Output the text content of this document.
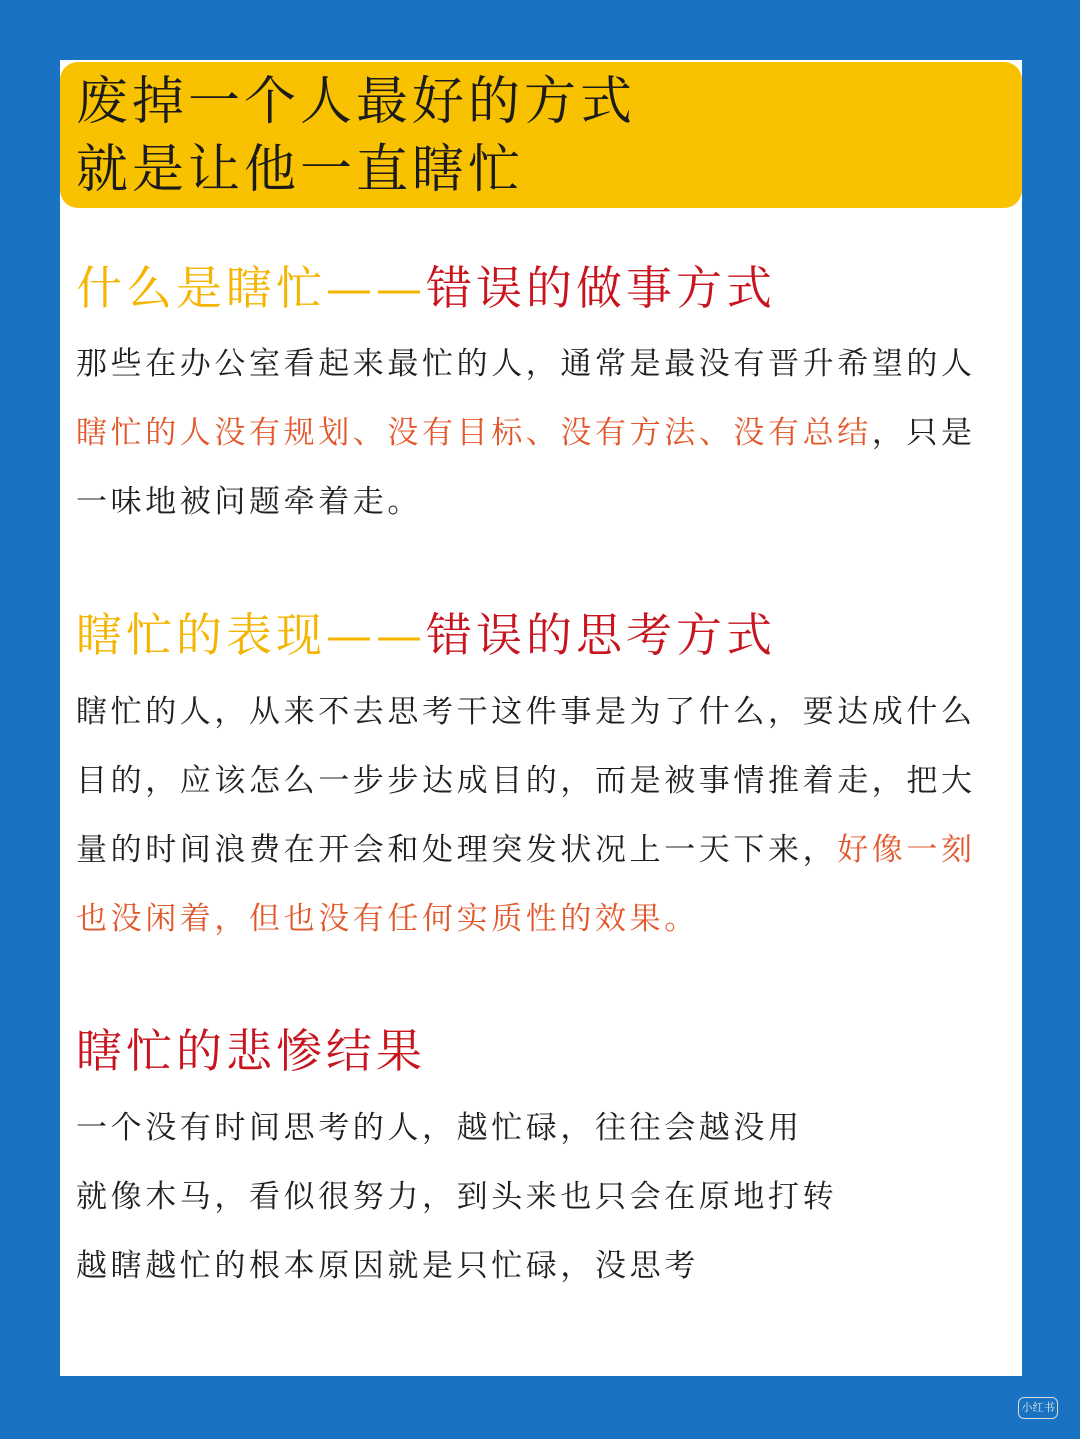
废掉一个人最好的方式
就是让他一直瞎忙
什么是瞎忙——错误的做事方式
那些在办公室看起来最忙的人，通常是最没有晋升希望的人
瞎忙的人没有规划、没有目标、没有方法、没有总结，只是
一味地被问题牵着走。
瞎忙的表现——错误的思考方式
瞎忙的人，从来不去思考干这件事是为了什么，要达成什么
目的，应该怎么一步步达成目的，而是被事情推着走，把大
量的时间浪费在开会和处理突发状况上一天下来，好像一刻
也没闲着，但也没有任何实质性的效果。
瞎忙的悲惨结果
一个没有时间思考的人，越忙碌，往往会越没用
就像木马，看似很努力，到头来也只会在原地打转
越瞎越忙的根本原因就是只忙碌，没思考
小红书
